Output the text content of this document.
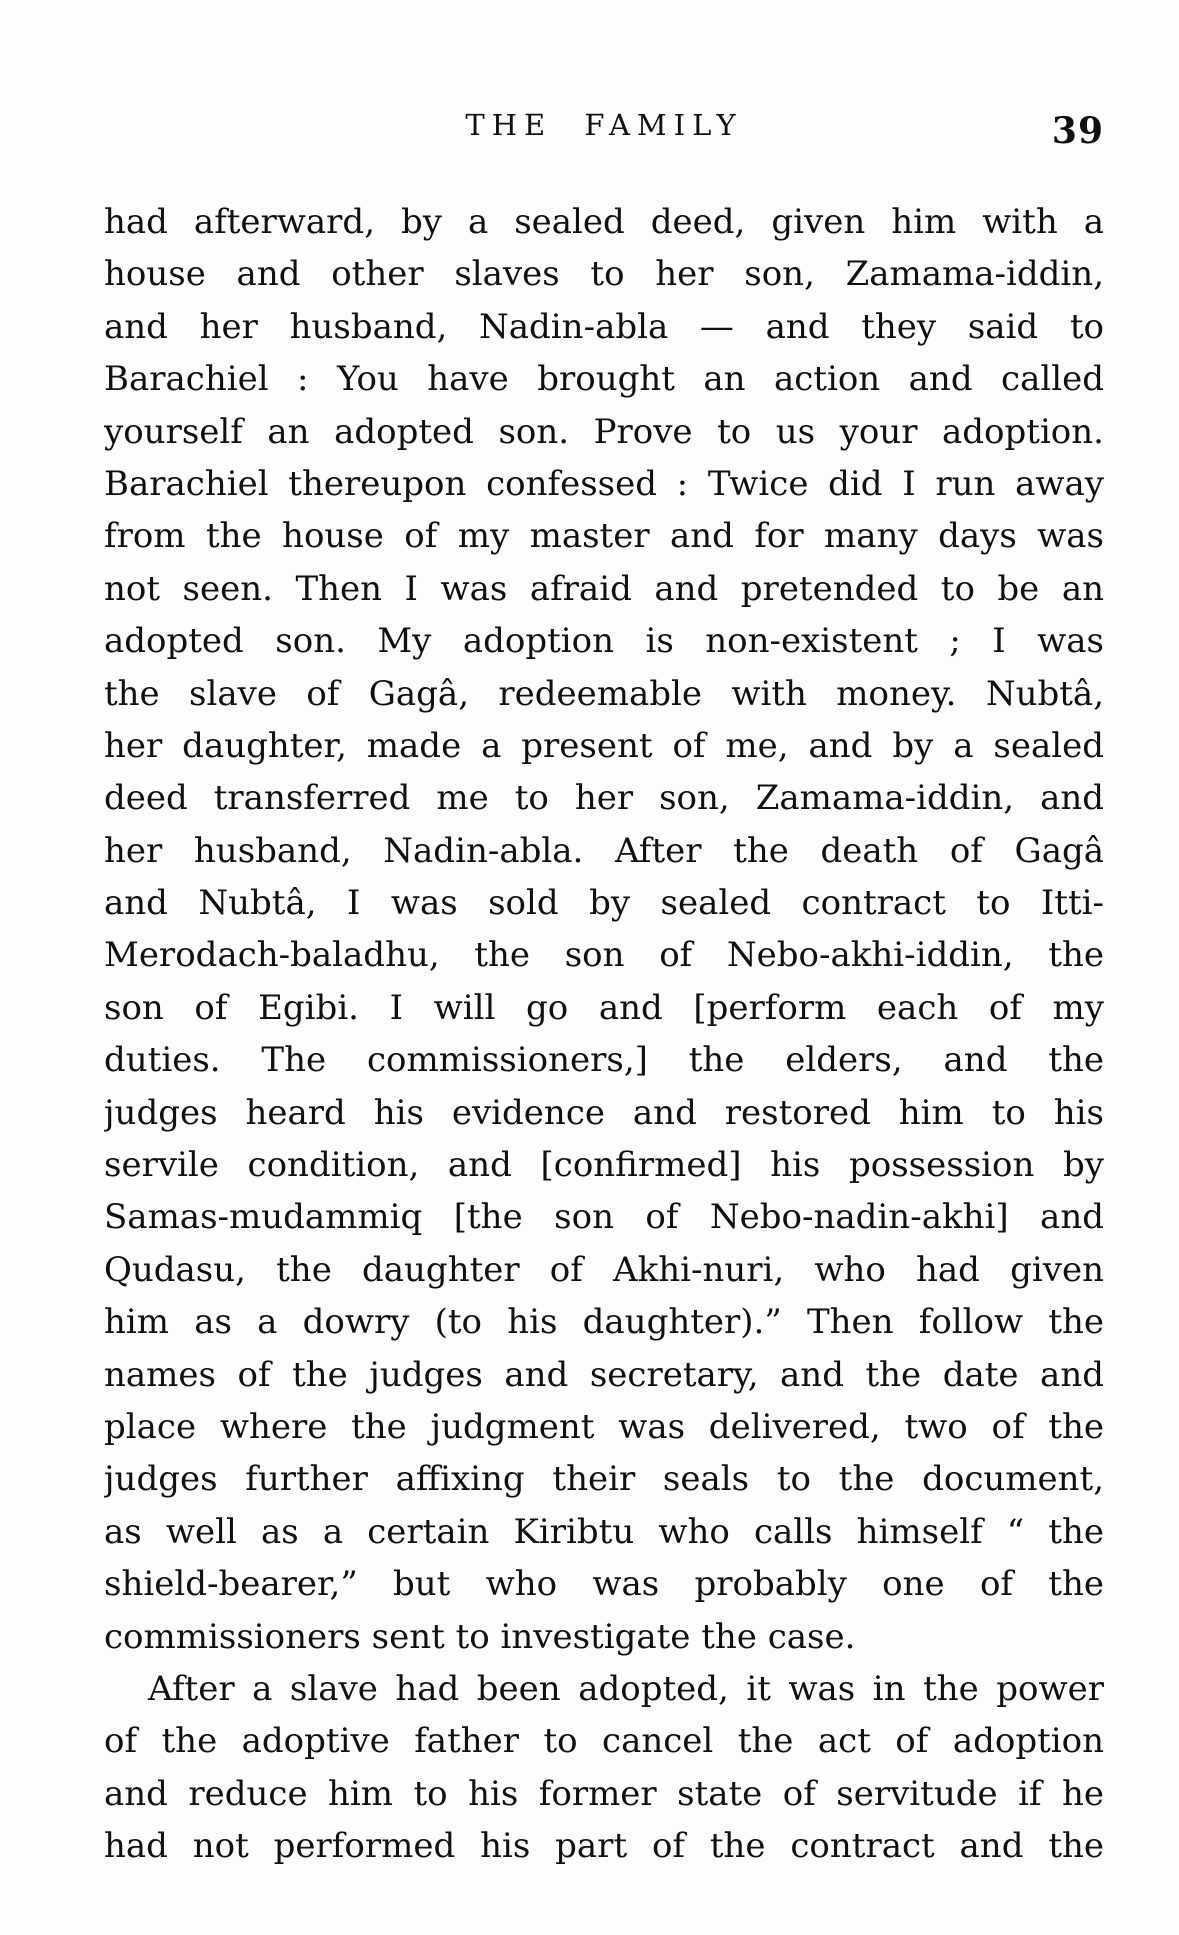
THE FAMILY	39
had afterward, by a sealed deed, given him with a
house and other slaves to her son, Zamama-iddin,
and her husband, Nadin-abla — and they said to
Barachiel : You have brought an action and called
yourself an adopted son. Prove to us your adoption.
Barachiel thereupon confessed : Twice did I run away
from the house of my master and for many days was
not seen. Then I was afraid and pretended to be an
adopted son. My adoption is non-existent ; I was
the slave of Gagâ, redeemable with money. Nubtâ,
her daughter, made a present of me, and by a sealed
deed transferred me to her son, Zamama-iddin, and
her husband, Nadin-abla. After the death of Gagâ
and Nubtâ, I was sold by sealed contract to Itti-
Merodach-baladhu, the son of Nebo-akhi-iddin, the
son of Egibi. I will go and [perform each of my
duties. The commissioners,] the elders, and the
judges heard his evidence and restored him to his
servile condition, and [confirmed] his possession by
Samas-mudammiq [the son of Nebo-nadin-akhi] and
Qudasu, the daughter of Akhi-nuri, who had given
him as a dowry (to his daughter).” Then follow the
names of the judges and secretary, and the date and
place where the judgment was delivered, two of the
judges further affixing their seals to the document,
as well as a certain Kiribtu who calls himself “ the
shield-bearer,” but who was probably one of the
commissioners sent to investigate the case.
After a slave had been adopted, it was in the power
of the adoptive father to cancel the act of adoption
and reduce him to his former state of servitude if he
had not performed his part of the contract and the
